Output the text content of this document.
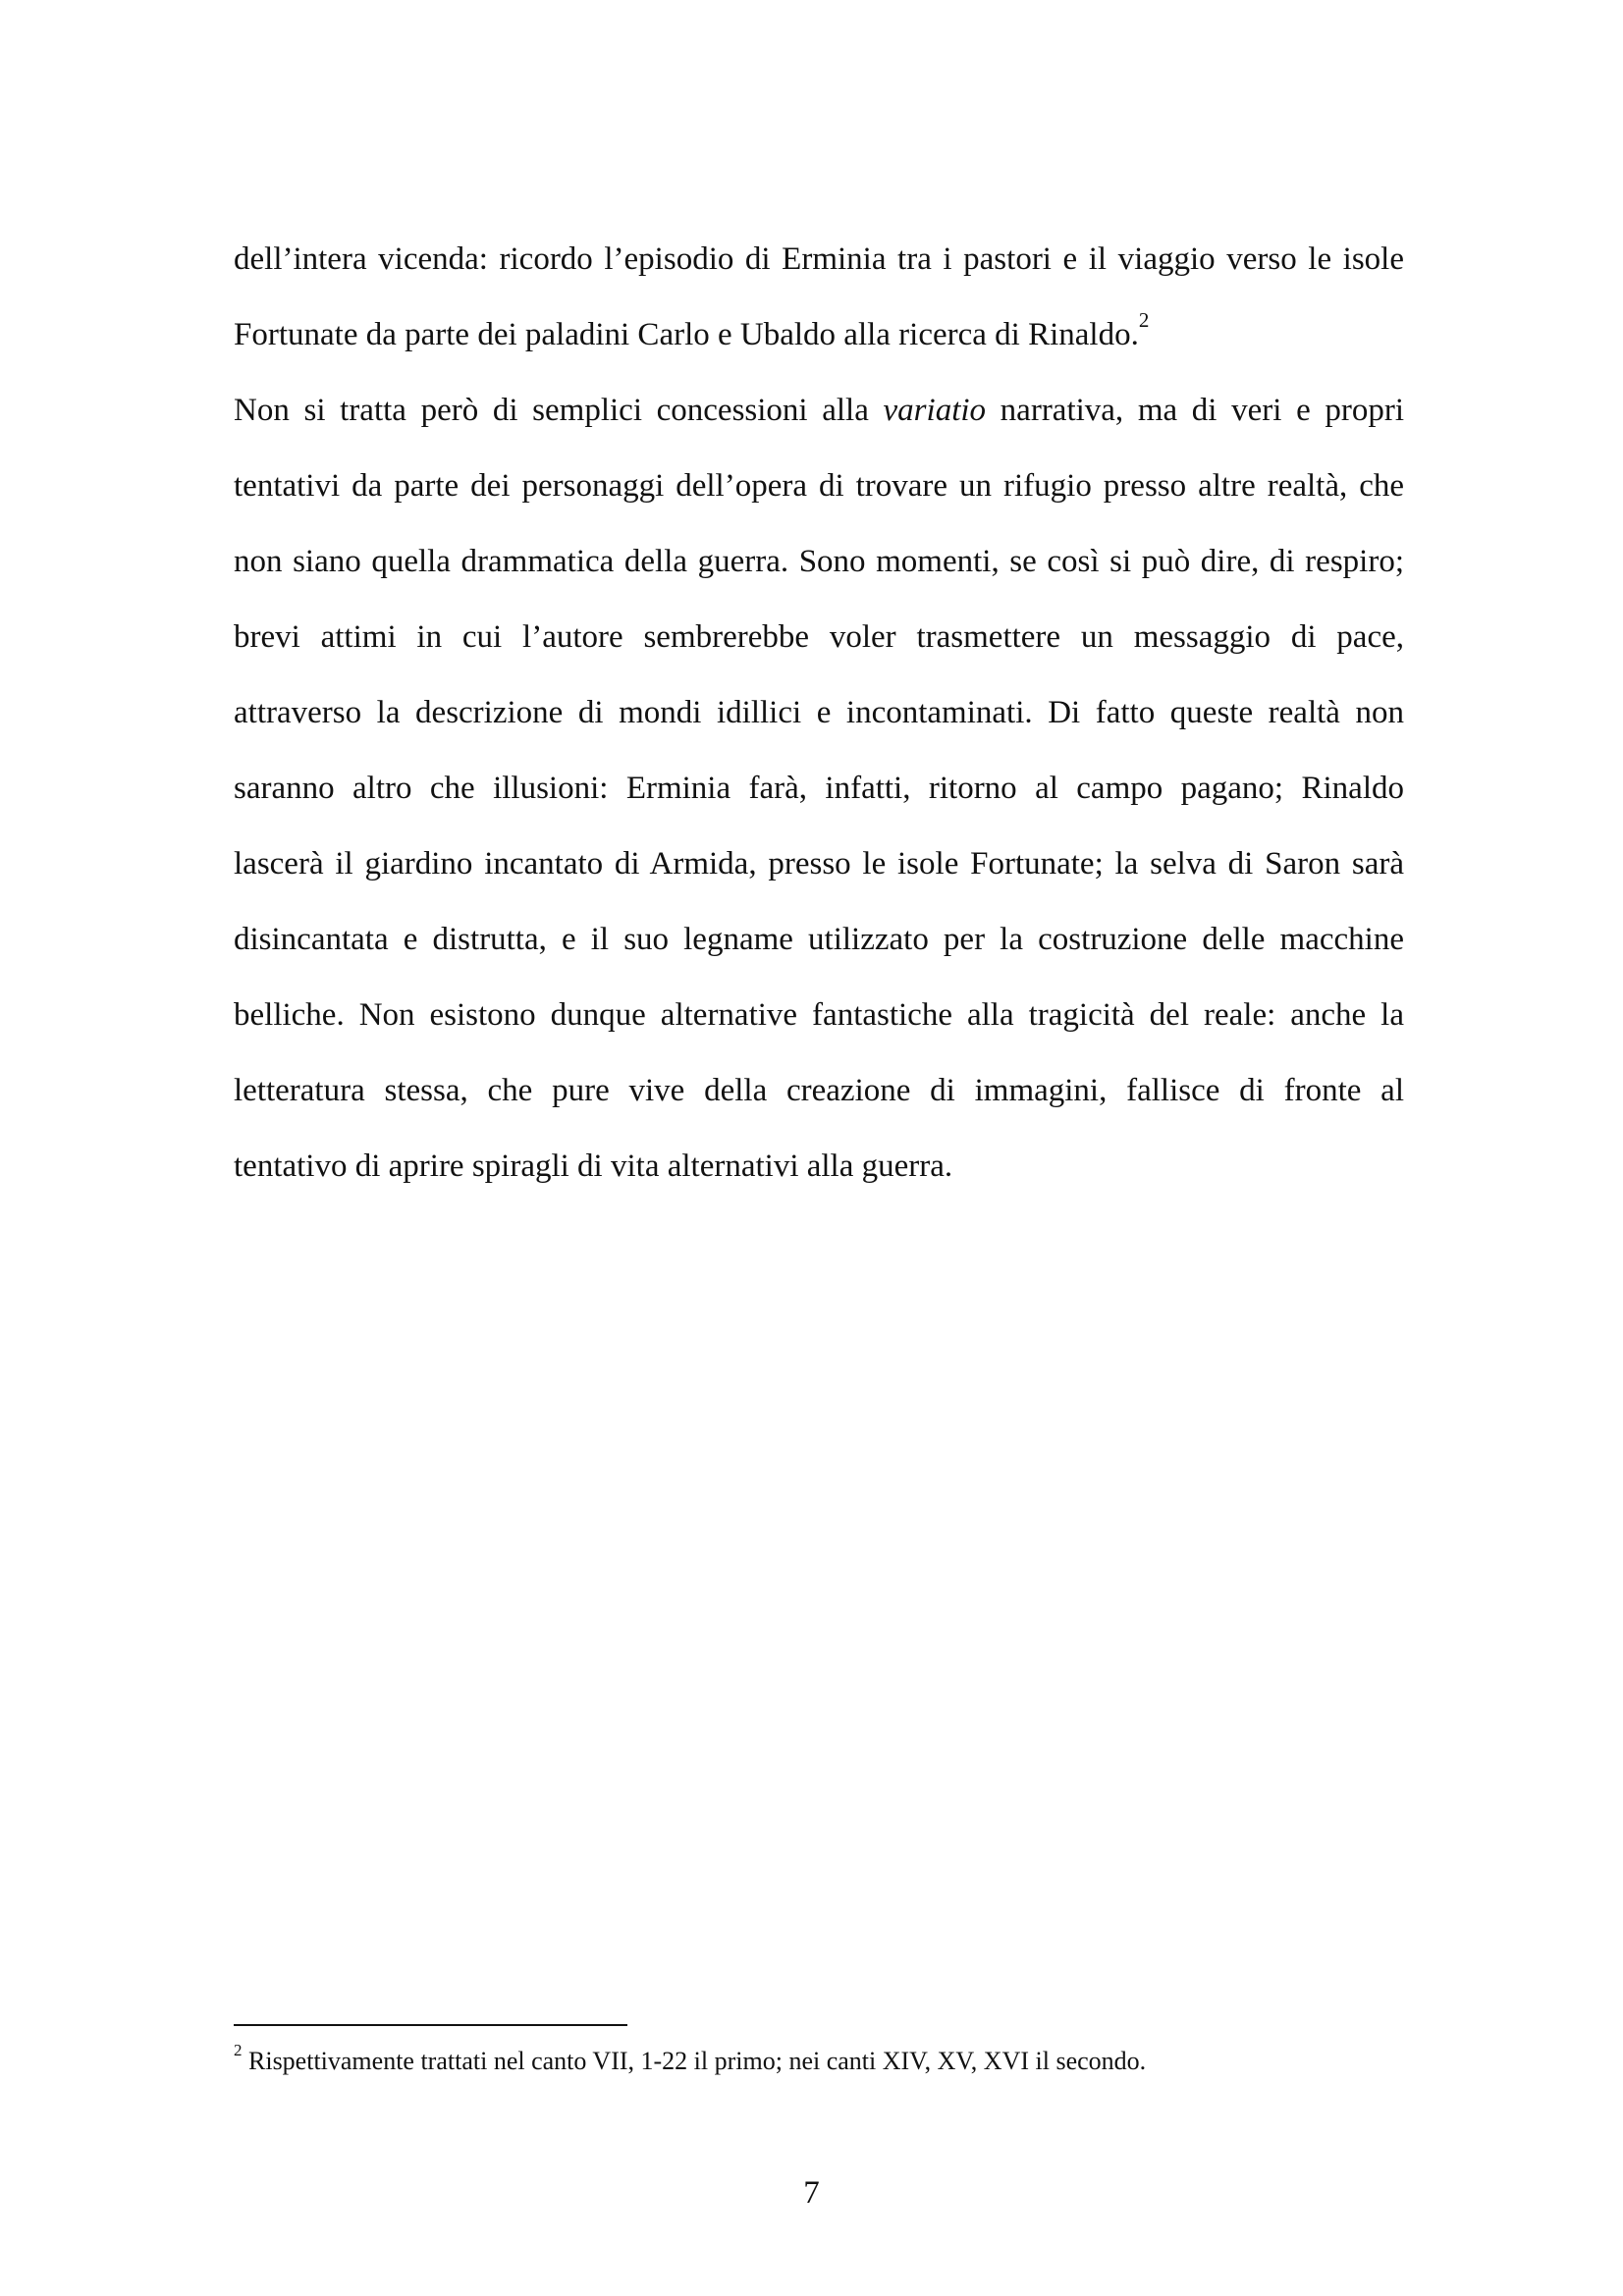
dell’intera vicenda: ricordo l’episodio di Erminia tra i pastori e il viaggio verso le isole
Fortunate da parte dei paladini Carlo e Ubaldo alla ricerca di Rinaldo.$^2$
Non si tratta però di semplici concessioni alla variatio narrativa, ma di veri e propri
tentativi da parte dei personaggi dell’opera di trovare un rifugio presso altre realtà, che
non siano quella drammatica della guerra. Sono momenti, se così si può dire, di respiro;
brevi attimi in cui l’autore sembrerebbe voler trasmettere un messaggio di pace,
attraverso la descrizione di mondi idillici e incontaminati. Di fatto queste realtà non
saranno altro che illusioni: Erminia farà, infatti, ritorno al campo pagano; Rinaldo
lascerà il giardino incantato di Armida, presso le isole Fortunate; la selva di Saron sarà
disincantata e distrutta, e il suo legname utilizzato per la costruzione delle macchine
belliche. Non esistono dunque alternative fantastiche alla tragicità del reale: anche la
letteratura stessa, che pure vive della creazione di immagini, fallisce di fronte al
tentativo di aprire spiragli di vita alternativi alla guerra.
$^2$ Rispettivamente trattati nel canto VII, 1-22 il primo; nei canti XIV, XV, XVI il secondo.
7
